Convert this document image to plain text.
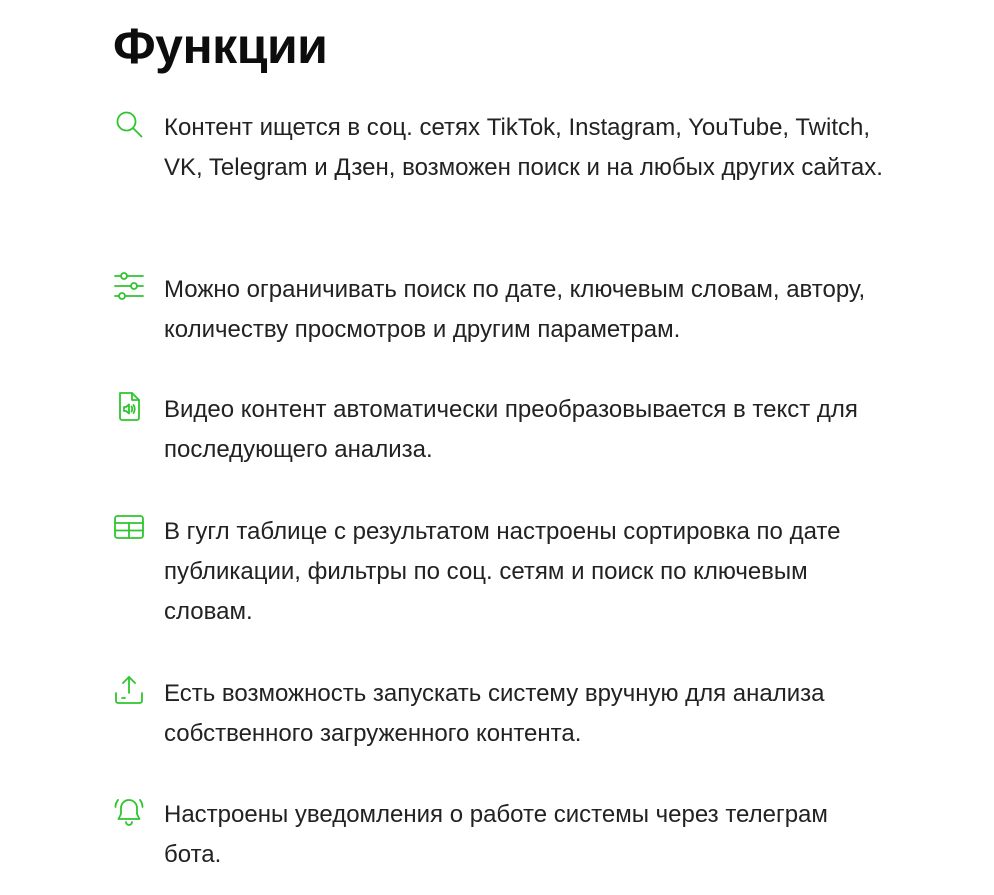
Функции
Контент ищется в соц. сетях TikTok, Instagram, YouTube, Twitch, VK, Telegram и Дзен, возможен поиск и на любых других сайтах.
Можно ограничивать поиск по дате, ключевым словам, автору, количеству просмотров и другим параметрам.
Видео контент автоматически преобразовывается в текст для последующего анализа.
В гугл таблице с результатом настроены сортировка по дате публикации, фильтры по соц. сетям и поиск по ключевым словам.
Есть возможность запускать систему вручную для анализа собственного загруженного контента.
Настроены уведомления о работе системы через телеграм бота.
